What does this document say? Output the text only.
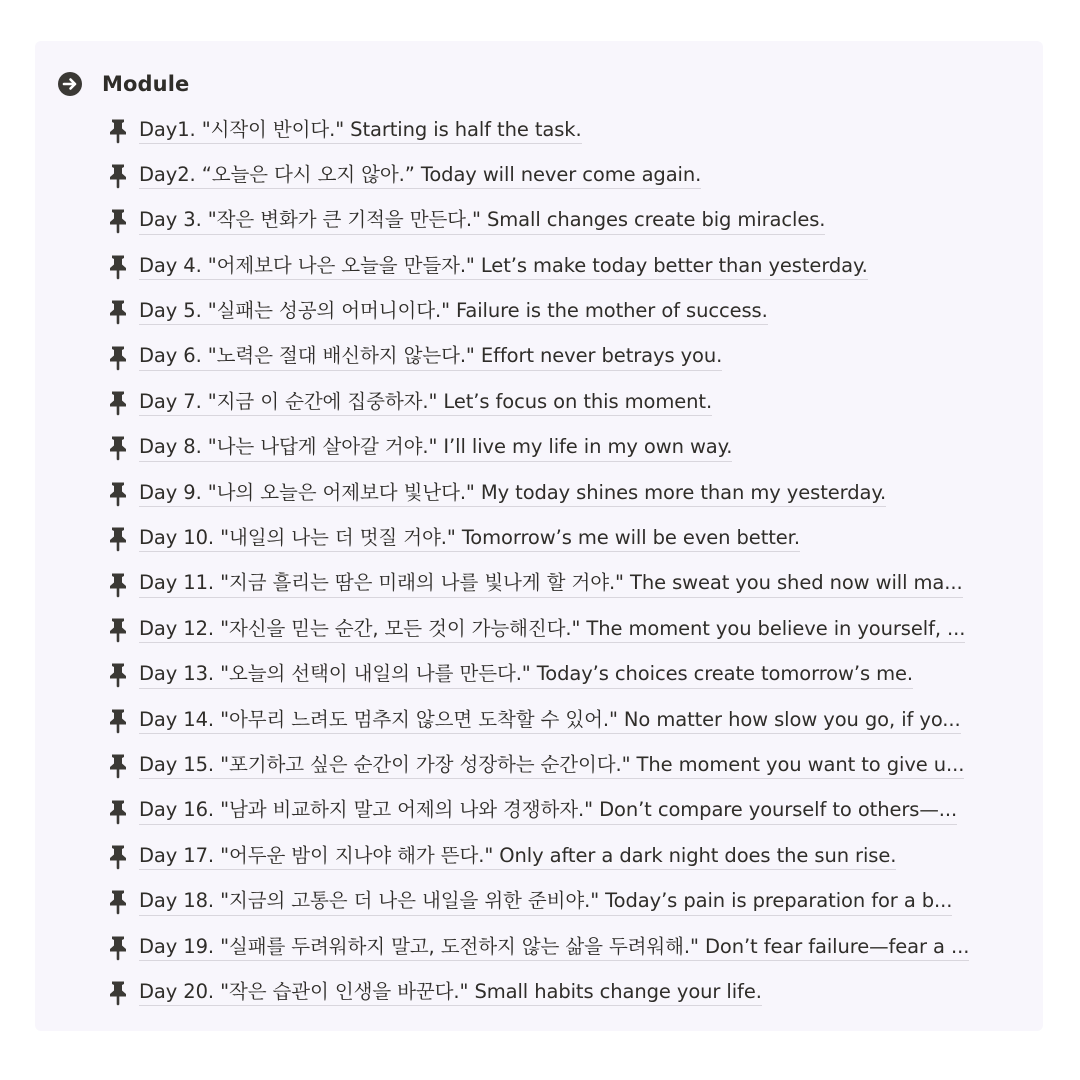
Module
Day1. "시작이 반이다." Starting is half the task.
Day2. “오늘은 다시 오지 않아.” Today will never come again.
Day 3. "작은 변화가 큰 기적을 만든다." Small changes create big miracles.
Day 4. "어제보다 나은 오늘을 만들자." Let’s make today better than yesterday.
Day 5. "실패는 성공의 어머니이다." Failure is the mother of success.
Day 6. "노력은 절대 배신하지 않는다." Effort never betrays you.
Day 7. "지금 이 순간에 집중하자." Let’s focus on this moment.
Day 8. "나는 나답게 살아갈 거야." I’ll live my life in my own way.
Day 9. "나의 오늘은 어제보다 빛난다." My today shines more than my yesterday.
Day 10. "내일의 나는 더 멋질 거야." Tomorrow’s me will be even better.
Day 11. "지금 흘리는 땀은 미래의 나를 빛나게 할 거야." The sweat you shed now will ma...
Day 12. "자신을 믿는 순간, 모든 것이 가능해진다." The moment you believe in yourself, ...
Day 13. "오늘의 선택이 내일의 나를 만든다." Today’s choices create tomorrow’s me.
Day 14. "아무리 느려도 멈추지 않으면 도착할 수 있어." No matter how slow you go, if yo...
Day 15. "포기하고 싶은 순간이 가장 성장하는 순간이다." The moment you want to give u...
Day 16. "남과 비교하지 말고 어제의 나와 경쟁하자." Don’t compare yourself to others—...
Day 17. "어두운 밤이 지나야 해가 뜬다." Only after a dark night does the sun rise.
Day 18. "지금의 고통은 더 나은 내일을 위한 준비야." Today’s pain is preparation for a b...
Day 19. "실패를 두려워하지 말고, 도전하지 않는 삶을 두려워해." Don’t fear failure—fear a ...
Day 20. "작은 습관이 인생을 바꾼다." Small habits change your life.
